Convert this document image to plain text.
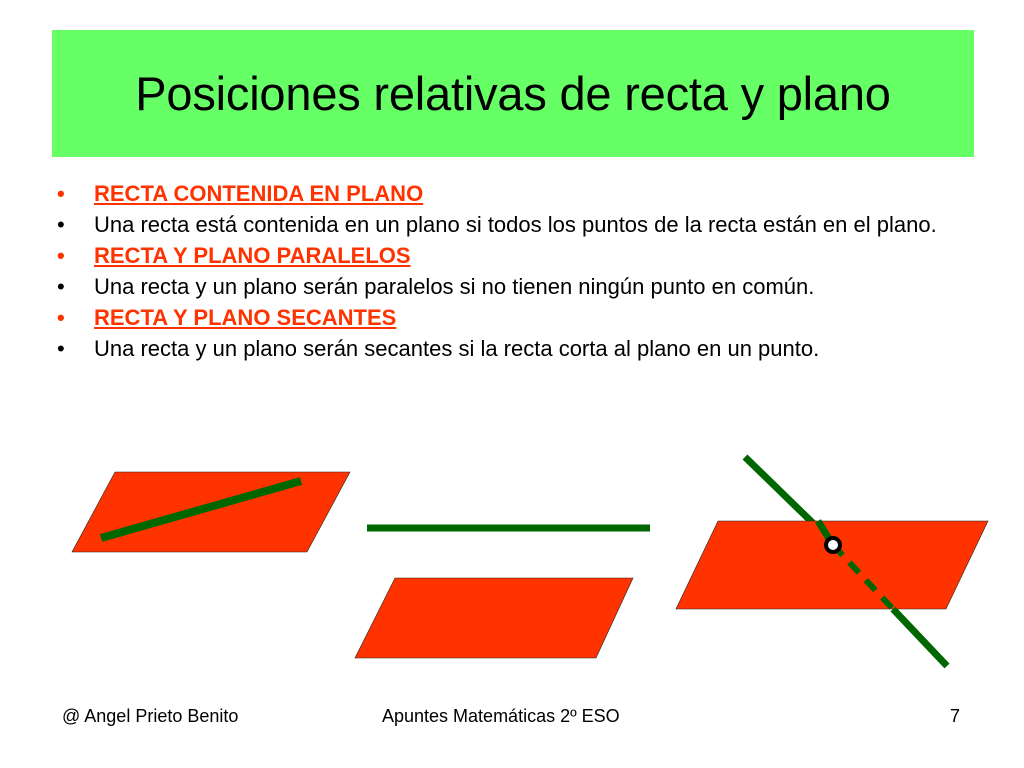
Posiciones relativas de recta y plano
• RECTA CONTENIDA EN PLANO
• Una recta está contenida en un plano si todos los puntos de la recta están en el plano.
• RECTA Y PLANO PARALELOS
• Una recta y un plano serán paralelos si no tienen ningún punto en común.
• RECTA Y PLANO SECANTES
• Una recta y un plano serán secantes si la recta corta al plano en un punto.
@ Angel Prieto Benito	Apuntes Matemáticas 2º ESO	7
